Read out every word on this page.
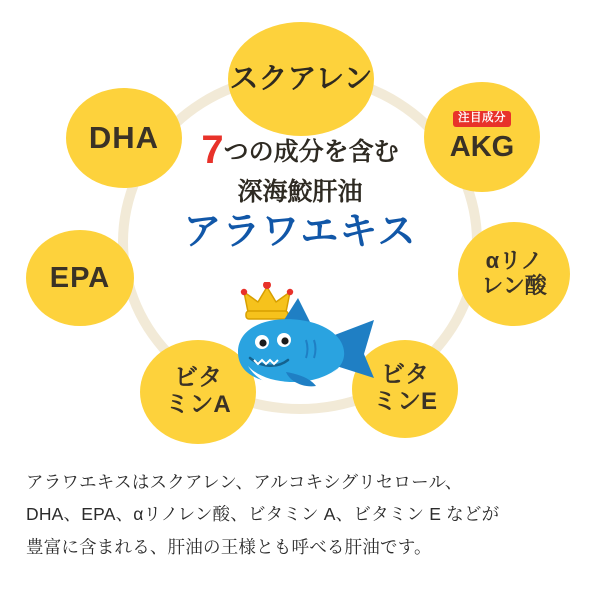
7つの成分を含む
深海鮫肝油
アラワエキス
スクアレン
DHA
EPA
ビタ
ミンA
ビタ
ミンE
αリノ
レン酸
注目成分
AKG
アラワエキスはスクアレン、アルコキシグリセロール、
DHA、EPA、αリノレン酸、ビタミン A、ビタミン E などが
豊富に含まれる、肝油の王様とも呼べる肝油です。
